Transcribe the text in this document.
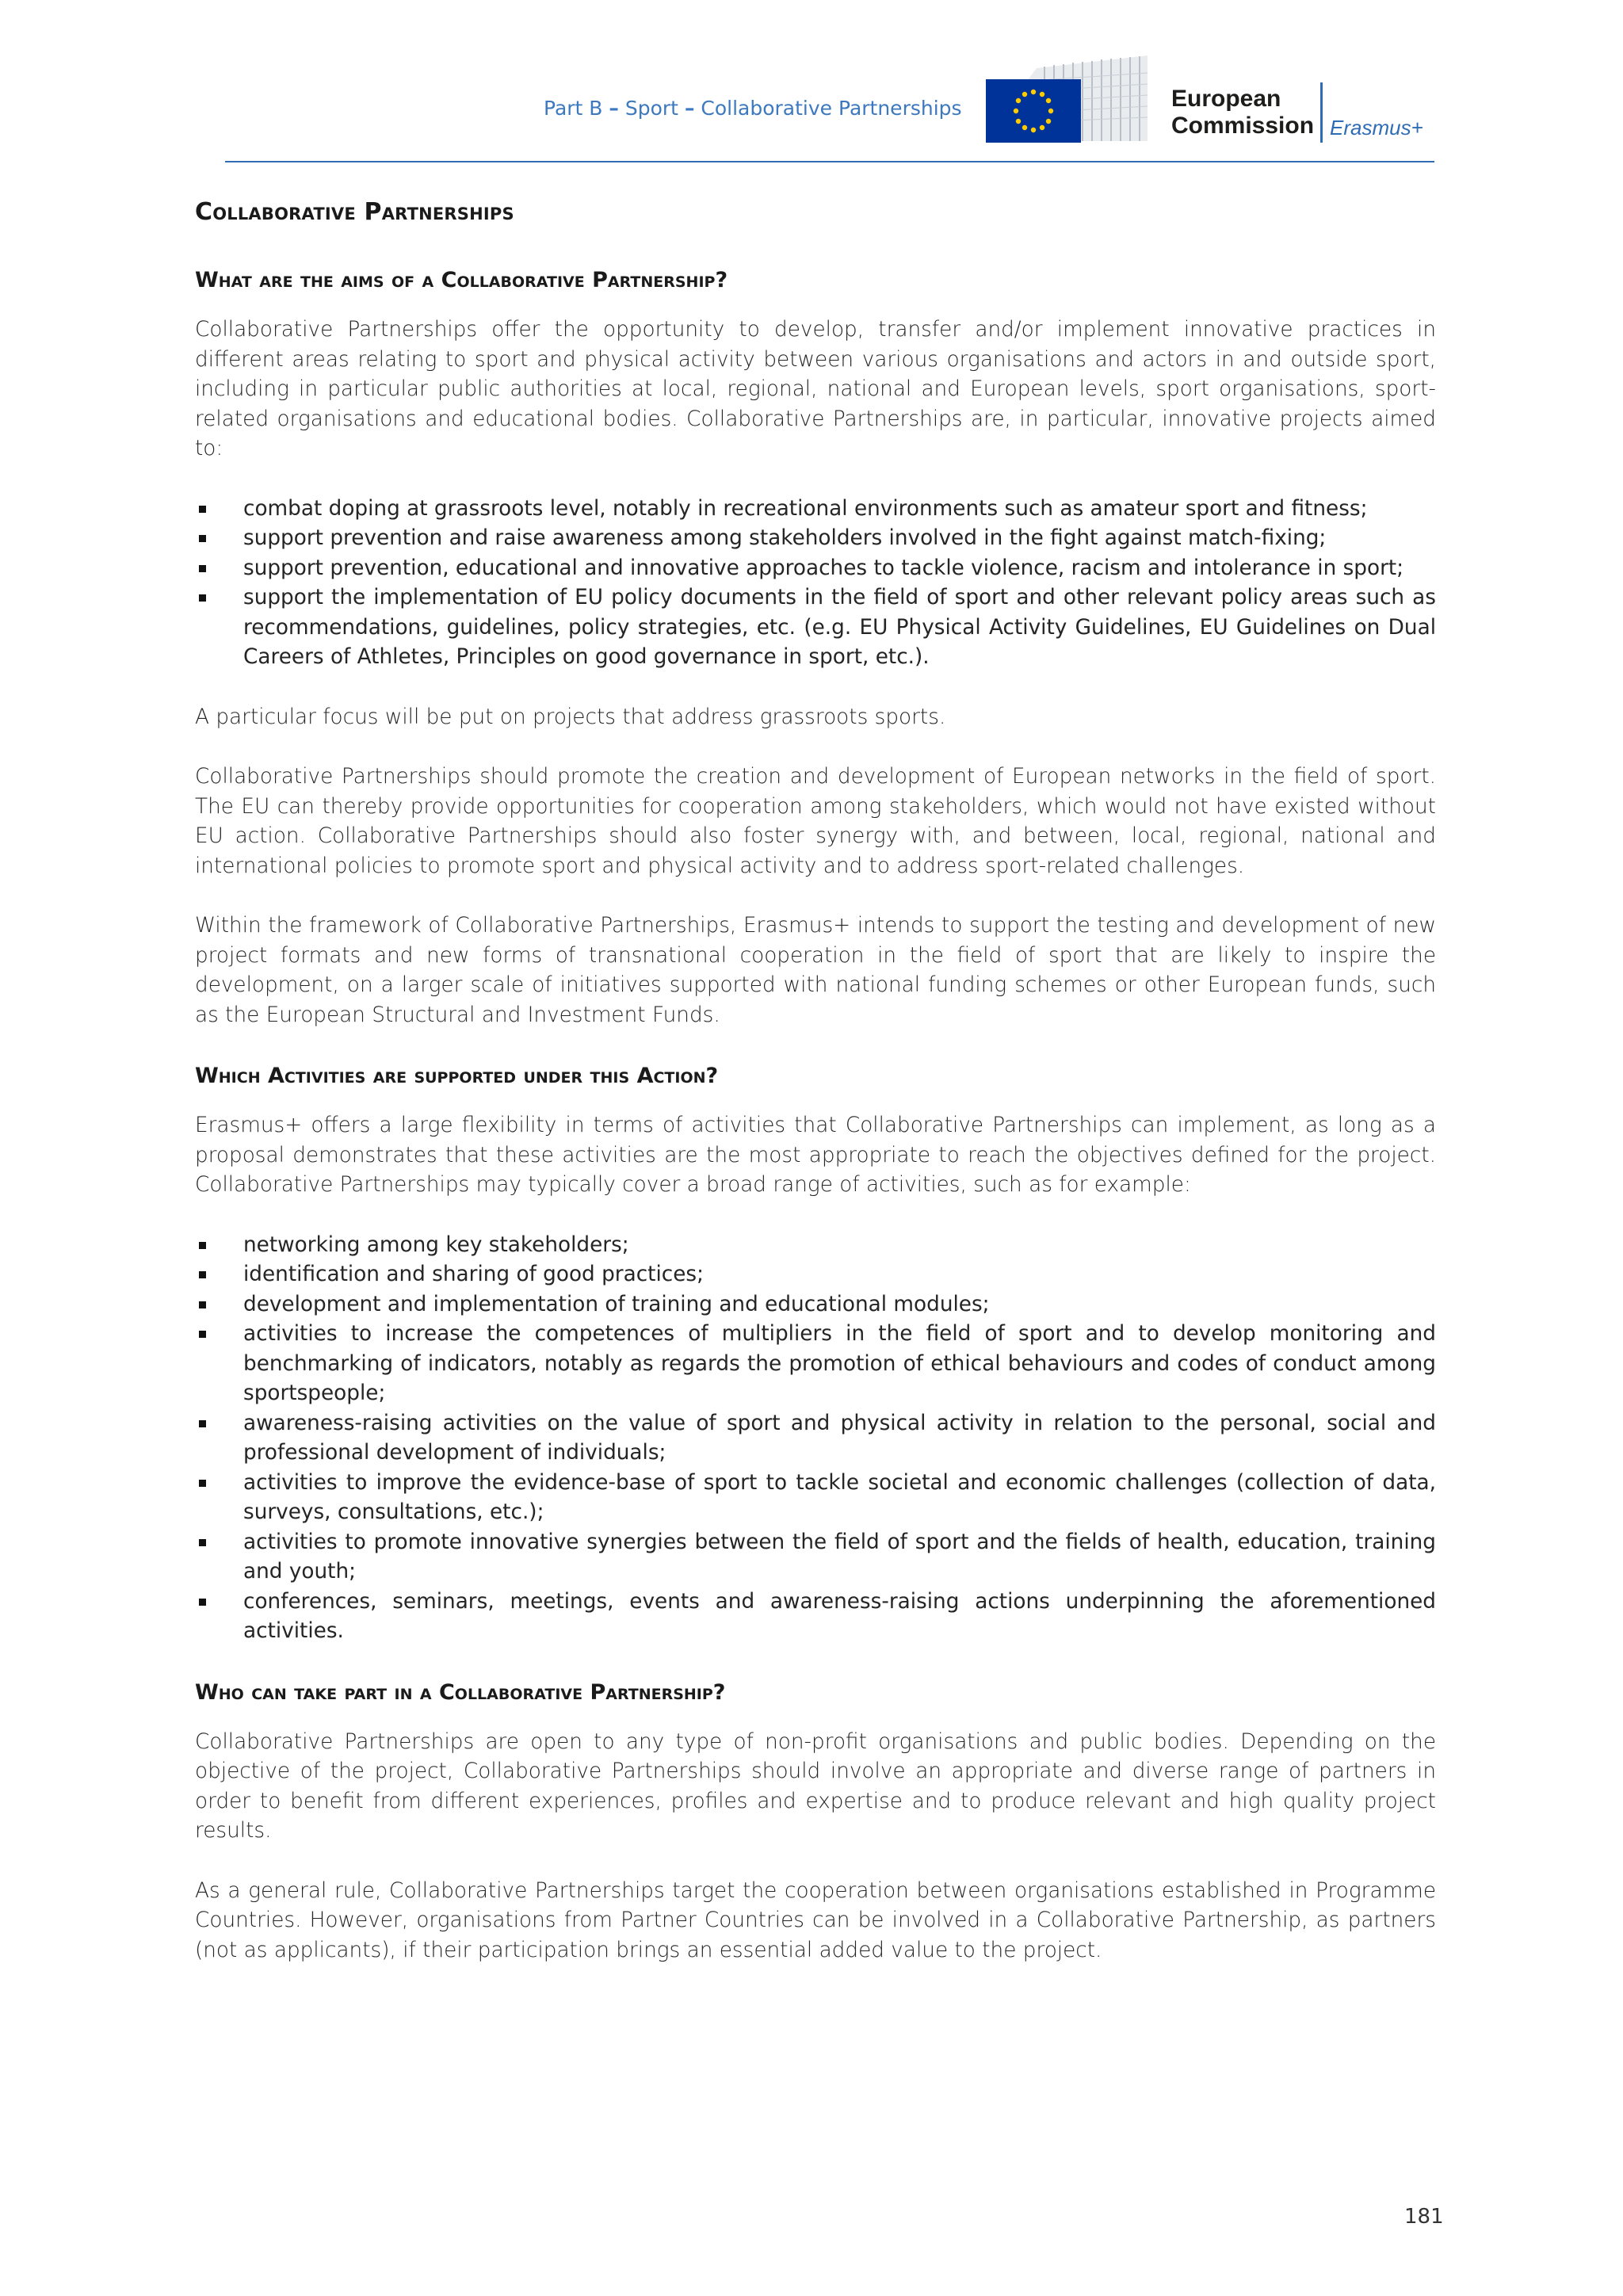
Part B – Sport – Collaborative Partnerships	European
Commission Erasmus+
Collaborative Partnerships
What are the aims of a Collaborative Partnership?

Collaborative Partnerships offer the opportunity to develop, transfer and/or implement innovative practices in different areas relating to sport and physical activity between various organisations and actors in and outside sport, including in particular public authorities at local, regional, national and European levels, sport organisations, sport-related organisations and educational bodies. Collaborative Partnerships are, in particular, innovative projects aimed to:

combat doping at grassroots level, notably in recreational environments such as amateur sport and fitness;
support prevention and raise awareness among stakeholders involved in the fight against match-fixing;
support prevention, educational and innovative approaches to tackle violence, racism and intolerance in sport;
support the implementation of EU policy documents in the field of sport and other relevant policy areas such as recommendations, guidelines, policy strategies, etc. (e.g. EU Physical Activity Guidelines, EU Guidelines on Dual Careers of Athletes, Principles on good governance in sport, etc.).

A particular focus will be put on projects that address grassroots sports.

Collaborative Partnerships should promote the creation and development of European networks in the field of sport. The EU can thereby provide opportunities for cooperation among stakeholders, which would not have existed without EU action. Collaborative Partnerships should also foster synergy with, and between, local, regional, national and international policies to promote sport and physical activity and to address sport-related challenges.

Within the framework of Collaborative Partnerships, Erasmus+ intends to support the testing and development of new project formats and new forms of transnational cooperation in the field of sport that are likely to inspire the development, on a larger scale of initiatives supported with national funding schemes or other European funds, such as the European Structural and Investment Funds.

Which Activities are supported under this Action?

Erasmus+ offers a large flexibility in terms of activities that Collaborative Partnerships can implement, as long as a proposal demonstrates that these activities are the most appropriate to reach the objectives defined for the project. Collaborative Partnerships may typically cover a broad range of activities, such as for example:

networking among key stakeholders;
identification and sharing of good practices;
development and implementation of training and educational modules;
activities to increase the competences of multipliers in the field of sport and to develop monitoring and benchmarking of indicators, notably as regards the promotion of ethical behaviours and codes of conduct among sportspeople;
awareness-raising activities on the value of sport and physical activity in relation to the personal, social and professional development of individuals;
activities to improve the evidence-base of sport to tackle societal and economic challenges (collection of data, surveys, consultations, etc.);
activities to promote innovative synergies between the field of sport and the fields of health, education, training and youth;
conferences, seminars, meetings, events and awareness-raising actions underpinning the aforementioned activities.
Who can take part in a Collaborative Partnership?

Collaborative Partnerships are open to any type of non-profit organisations and public bodies. Depending on the objective of the project, Collaborative Partnerships should involve an appropriate and diverse range of partners in order to benefit from different experiences, profiles and expertise and to produce relevant and high quality project results.

As a general rule, Collaborative Partnerships target the cooperation between organisations established in Programme Countries. However, organisations from Partner Countries can be involved in a Collaborative Partnership, as partners (not as applicants), if their participation brings an essential added value to the project.

181
